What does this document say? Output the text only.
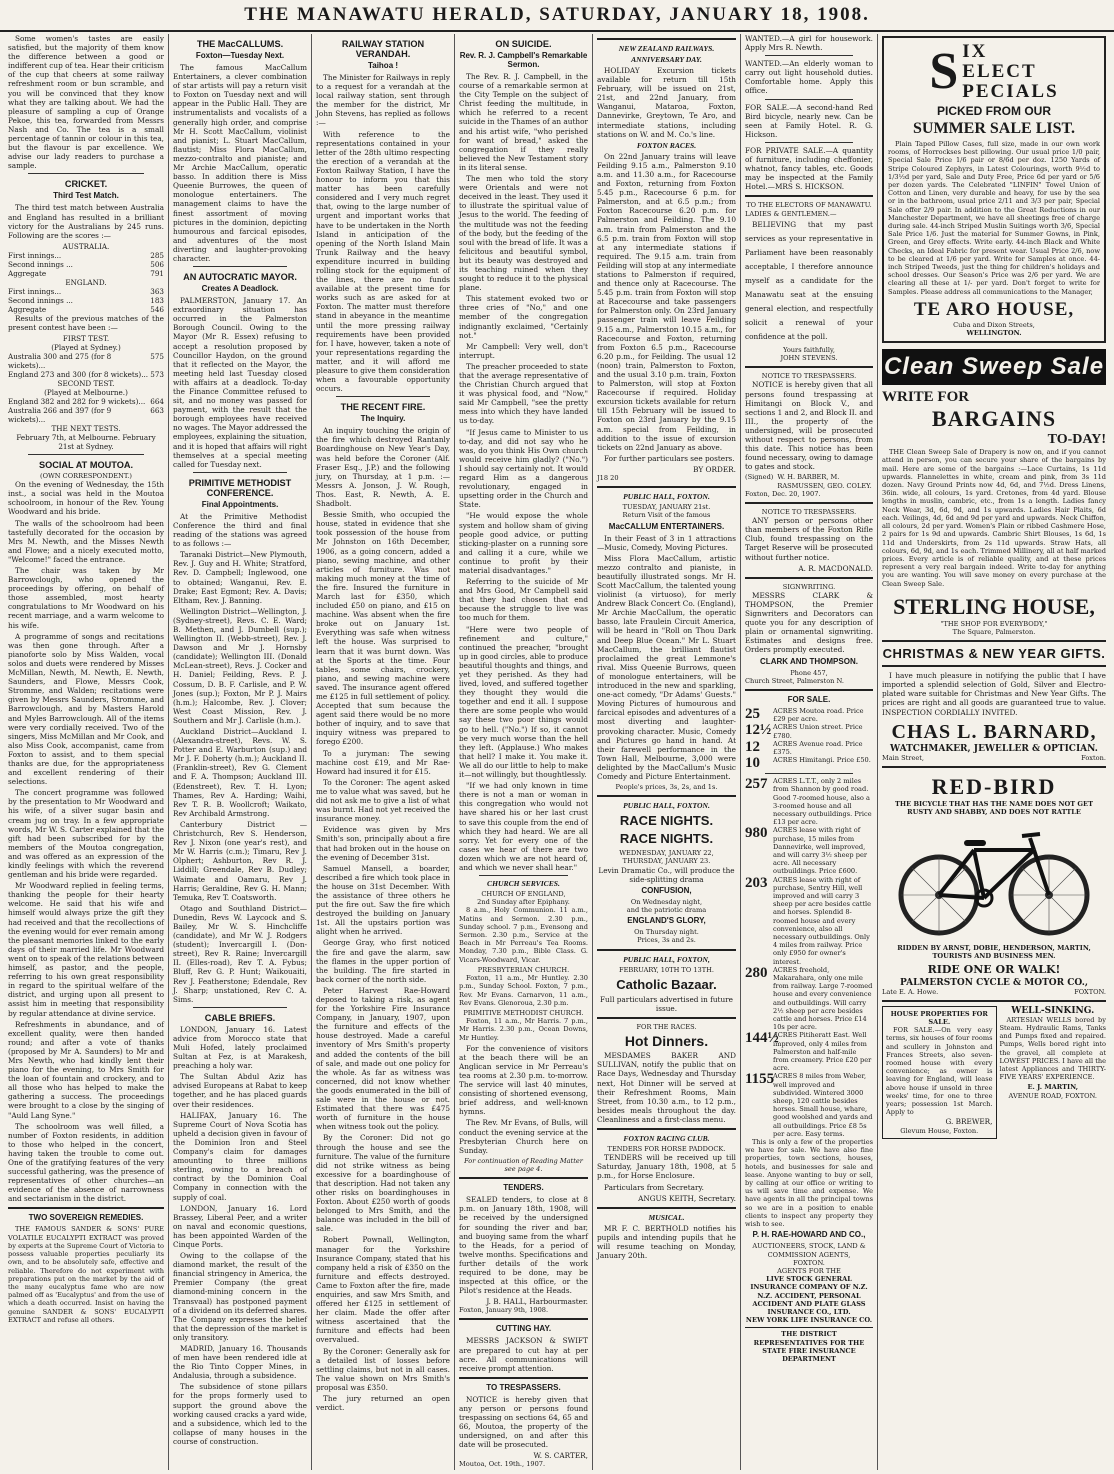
THE MANAWATU HERALD, SATURDAY, JANUARY 18, 1908.

Some women's tastes are easily satisfied, but the majority of them know the difference between a good or indifferent cup of tea. Hear their criticism of the cup that cheers at some railway refreshment room or bun scramble, and you will be convinced that they know what they are talking about. We had the pleasure of sampling a cup of Orange Pekoe, this tea, forwarded from Messrs Nash and Co. The tea is a small percentage of tannin or colour in this tea, but the flavour is par excellence. We advise our lady readers to purchase a sample.

CRICKET.
Third Test Match.

The third test match between Australia and England has resulted in a brilliant victory for the Australians by 245 runs. Following are the scores :—

AUSTRALIA.
First innings...	285
Second innings ...	506
Aggregate	791
ENGLAND.
First innings...	363
Second innings ...	183
Aggregate	546

Results of the previous matches of the present contest have been :—

FIRST TEST.
(Played at Sydney.)
Australia 300 and 275 (for 8 wickets)...
575
England 273 and 300 (for 8 wickets)... 573
SECOND TEST.
(Played at Melbourne.)
England 382 and 282 for 9 wickets)... 664
Australia 266 and 397 (for 9 wickets)...
663
THE NEXT TESTS.
February 7th, at Melbourne. February 21st at Sydney.
SOCIAL AT MOUTOA.
(OWN CORRESPONDENT.)

On the evening of Wednesday, the 15th inst., a social was held in the Moutoa schoolroom, in honour of the Rev. Young Woodward and his bride.

The walls of the schoolroom had been tastefully decorated for the occasion by Mrs M. Newth, and the Misses Newth and Flowe; and a nicely executed motto, "Welcome!" faced the entrance.

The chair was taken by Mr Barrowclough, who opened the proceedings by offering, on behalf of those assembled, most hearty congratulations to Mr Woodward on his recent marriage, and a warm welcome to his wife.

A programme of songs and recitations was then gone through. After a pianoforte solo by Miss Walden, vocal solos and duets were rendered by Misses McMillan, Newth, M. Newth, E. Newth, Saunders, and Flowe, Messrs Cook, Stromme, and Walden; recitations were given by Messrs Saunders, Stromme, and Barrowclough, and by Masters Harold and Myles Barrowclough. All of the items were very cordially received. Two of the singers, Miss McMillan and Mr Cook, and also Miss Cook, accompanist, came from Foxton to assist, and to them special thanks are due, for the appropriateness and excellent rendering of their selections.

The concert programme was followed by the presentation to Mr Woodward and his wife, of a silver sugar basin and cream jug on tray. In a few appropriate words, Mr W. S. Carter explained that the gift had been subscribed for by the members of the Moutoa congregation, and was offered as an expression of the kindly feelings with which the reverend gentleman and his bride were regarded.

Mr Woodward replied in feeling terms, thanking the people for their hearty welcome. He said that his wife and himself would always prize the gift they had received and that the recollections of the evening would for ever remain among the pleasant memories linked to the early days of their married life. Mr Woodward went on to speak of the relations between himself, as pastor, and the people, referring to his own great responsibility in regard to the spiritual welfare of the district, and urging upon all present to assist him in meeting that responsibility by regular attendance at divine service.

Refreshments in abundance, and of excellent quality, were then handed round; and after a vote of thanks (proposed by Mr A. Saunders) to Mr and Mrs Newth, who had kindly lent their piano for the evening, to Mrs Smith for the loan of fountain and crockery, and to all those who has helped to make the gathering a success. The proceedings were brought to a close by the singing of "Auld Lang Syne."

The schoolroom was well filled, a number of Foxton residents, in addition to those who helped in the concert, having taken the trouble to come out. One of the gratifying features of the very successful gathering, was the presence of representatives of other churches—an evidence of the absence of narrowness and sectarianism in the district.

TWO SOVEREIGN REMEDIES.

THE FAMOUS SANDER & SONS' PURE VOLATILE EUCALYPTI EXTRACT was proved by experts at the Supreme Court of Victoria to possess valuable properties peculiarly its own, and to be absolutely safe, effective and reliable. Therefore do not experiment with preparations put on the market by the aid of the many eucalyptus fame who are now palmed off as 'Eucalyptus' and from the use of which a death occurred. Insist on having the genuine SANDER & SONS' EUCALYPTI EXTRACT and refuse all others.

THE MacCALLUMS.
Foxton—Tuesday Next.

The famous MacCallum Entertainers, a clever combination of star artists will pay a return visit to Foxton on Tuesday next and will appear in the Public Hall. They are instrumentalists and vocalists of a generally high order, and comprise Mr H. Scott MacCallum, violinist and pianist; L. Stuart MacCallum, flautist; Miss Flora MacCallum, mezzo-contralto and pianiste; and Mr Archie MacCallum, operatic basso. In addition there is Miss Queenie Burrowes, the queen of monologue entertainers. The management claims to have the finest assortment of moving pictures in the dominion, depicting humourous and farcical episodes, and adventures of the most diverting and laughter-provoking character.

AN AUTOCRATIC MAYOR.
Creates A Deadlock.

PALMERSTON, January 17. An extraordinary situation has occurred in the Palmerston Borough Council. Owing to the Mayor (Mr R. Essex) refusing to accept a resolution proposed by Councillor Haydon, on the ground that it reflected on the Mayor, the meeting held last Tuesday closed with affairs at a deadlock. To-day the Finance Committee refused to sit, and no money was passed for payment, with the result that the borough employees have received no wages. The Mayor addressed the employees, explaining the situation, and it is hoped that affairs will right themselves at a special meeting called for Tuesday next.

PRIMITIVE METHODIST CONFERENCE.
Final Appointments.

At the Primitive Methodist Conference the third and final reading of the stations was agreed to as follows :—

Taranaki District—New Plymouth, Rev. J. Guy and H. White; Stratford, Rev. D. Campbell; Inglewood, one to obtained; Wanganui, Rev. E. Drake; East Egmont; Rev. A. Davis; Eltham, Rev. J. Banning.

Wellington District—Wellington, J. (Sydney-street), Revs. C. E. Ward; B. Methen, and J. Dumbell (sup.); Wellington II. (Webb-street), Rev. J. Dawson and Mr J. Hornsby (candidate); Wellington III. (Donald McLean-street), Revs. J. Cocker and H. Daniel; Feilding, Revs. P. J. Cossum, D. B. F. Carlisle, and P. W. Jones (sup.); Foxton, Mr P. J. Mairs (h.m.); Halcombe, Rev. J. Clover; West Coast Mission, Rev. J. Southern and Mr J. Carlisle (h.m.).

Auckland District—Auckland I. (Alexandra-street), Revs. W. S. Potter and E. Warburton (sup.) and Mr J. F. Doherty (h.m.); Auckland II. (Franklin-street), Rev G. Clement and F. A. Thompson; Auckland III. (Edenstreet), Rev. T. H. Lyon; Thames, Rev A. Harding; Waihi, Rev T. R. B. Woollcroft; Waikato, Rev Archibald Armstrong.

Canterbury District — Christchurch, Rev S. Henderson, Rev J. Nixon (one year's rest), and Mr W. Harris (c.m.); Timaru, Rev J. Olphert; Ashburton, Rev R. J. Liddill; Greendale, Rev B. Dudley; Waimate and Oamaru, Rev J. Harris; Geraldine, Rev G. H. Mann; Temuka, Rev T. Coatsworth.

Otago and Southland District—Dunedin, Revs W. Laycock and S. Bailey, Mr W. S. Hinchcliffe (candidate), and Mr W. J. Rodgers (student); Invercargill I. (Don-street), Rev R. Raine; Invercargill II. (Elles-road), Rev T. A. Fybus; Bluff, Rev G. P. Hunt; Waikouaiti, Rev J. Featherstone; Edendale, Rev J. Sharp; unstationed, Rev C. A. Sims.

CABLE BRIEFS.

LONDON, January 16. Latest advice from Morocco state that Muli Hofed, lately proclaimed Sultan at Fez, is at Marakesh, preaching a holy war.

The Sultan Abdul Aziz has advised Europeans at Rabat to keep together, and he has placed guards over their residences.

HALIFAX, January 16. The Supreme Court of Nova Scotia has upheld a decision given in favour of the Dominion Iron and Steel Company's claim for damages amounting to three millions sterling, owing to a breach of contract by the Dominion Coal Company in connection with the supply of coal.

LONDON, January 16. Lord Brassey, Liberal Peer, and a writer on naval and economic questions, has been appointed Warden of the Cinque Ports.

Owing to the collapse of the diamond market, the result of the financial stringency in America, the Premier Company (the great diamond-mining concern in the Transvaal) has postponed payment of a dividend on its deferred shares. The Company expresses the belief that the depression of the market is only transitory.

MADRID, January 16. Thousands of men have been rendered idle at the Rio Tinto Copper Mines, in Andalusia, through a subsidence.

The subsidence of stone pillars for the props formerly used to support the ground above the working caused cracks a yard wide, and a subsidence, which led to the collapse of many houses in the course of construction.

RAILWAY STATION VERANDAH.
Taihoa !

The Minister for Railways in reply to a request for a verandah at the local railway station, sent through the member for the district, Mr John Stevens, has replied as follows :—

With reference to the representations contained in your letter of the 28th ultimo respecting the erection of a verandah at the Foxton Railway Station, I have the honour to inform you that this matter has been carefully considered and I very much regret that, owing to the large number of urgent and important works that have to be undertaken in the North Island in anticipation of the opening of the North Island Main Trunk Railway and the heavy expenditure incurred in building rolling stock for the equipment of the lines, there are no funds available at the present time for works such as are asked for at Foxton. The matter must therefore stand in abeyance in the meantime until the more pressing railway requirements have been provided for. I have, however, taken a note of your representations regarding the matter, and it will afford me pleasure to give them consideration when a favourable opportunity occurs.

THE RECENT FIRE.
The Inquiry.

An inquiry touching the origin of the fire which destroyed Rantanly Boardinghouse on New Year's Day, was held before the Coroner (Alf. Fraser Esq., J.P.) and the following jury, on Thursday, at 1 p.m. :—Messrs A. Jonson, J. W. Rough, Thos. East, R. Newth, A. E. Shadbolt.

Bessie Smith, who occupied the house, stated in evidence that she took possession of the house from Mr Johnston on 16th December, 1906, as a going concern, added a piano, sewing machine, and other articles of furniture. Was not making much money at the time of the fire. Insured the furniture in March last for £350, which included £50 on piano, and £15 on machine. Was absent when the fire broke out on January 1st. Everything was safe when witness left the house. Was surprised to learn that it was burnt down. Was at the Sports at the time. Four tables, some chairs, crockery, piano, and sewing machine were saved. The insurance agent offered me £125 in full settlement of policy. Accepted that sum because the agent said there would be no more bother of inquiry, and to save that inquiry witness was prepared to forego £200.

To a juryman: The sewing machine cost £19, and Mr Rae-Howard had insured it for £15.

To the Coroner: The agent asked me to value what was saved, but he did not ask me to give a list of what was burnt. Had not yet received the insurance money.

Evidence was given by Mrs Smith's son, principally about a fire that had broken out in the house on the evening of December 31st.

Samuel Mansell, a boarder, described a fire which took place in the house on 31st December. With the assistance of three others he put the fire out. Saw the fire which destroyed the building on January 1st. All the upstairs portion was alight when he arrived.

George Gray, who first noticed the fire and gave the alarm, saw the flames in the upper portion of the building. The fire started in back corner of the north side.

Peter Harvest Rae-Howard deposed to taking a risk, as agent for the Yorkshire Fire Insurance Company, in January, 1907, upon the furniture and effects of the house destroyed. Made a careful inventory of Mrs Smith's property and added the contents of the bill of sale, and made out one policy for the whole. As far as witness was concerned, did not know whether the goods enumerated in the bill of sale were in the house or not. Estimated that there was £475 worth of furniture in the house when witness took out the policy.

By the Coroner: Did not go through the house and see the furniture. The value of the furniture did not strike witness as being excessive for a boardinghouse of that description. Had not taken any other risks on boardinghouses in Foxton. About £250 worth of goods belonged to Mrs Smith, and the balance was included in the bill of sale.

Robert Pownall, Wellington, manager for the Yorkshire Insurance Company, stated that his company held a risk of £350 on the furniture and effects destroyed. Came to Foxton after the fire, made enquiries, and saw Mrs Smith, and offered her £125 in settlement of her claim. Made the offer after witness ascertained that the furniture and effects had been overvalued.

By the Coroner: Generally ask for a detailed list of losses before settling claims, but not in all cases. The value shown on Mrs Smith's proposal was £350.

The jury returned an open verdict.

ON SUICIDE.
Rev. R. J. Campbell's Remarkable Sermon.

The Rev. R. J. Campbell, in the course of a remarkable sermon at the City Temple on the subject of Christ feeding the multitude, in which he referred to a recent suicide in the Thames of an author and his artist wife, "who perished for want of bread," asked the congregation if they really believed the New Testament story in its literal sense.

The men who told the story were Orientals and were not deceived in the least. They used it to illustrate the spiritual value of Jesus to the world. The feeding of the multitude was not the feeding of the body, but the feeding of the soul with the bread of life. It was a felicitous and beautiful symbol, but its beauty was destroyed and its teaching ruined when they sought to reduce it to the physical plane.

This statement evoked two or three cries of "No," and one member of the congregation indignantly exclaimed, "Certainly not."

Mr Campbell: Very well, don't interrupt.

The preacher proceeded to state that the average representative of the Christian Church argued that it was physical food, and "Now," said Mr Campbell, "see the pretty mess into which they have landed us to-day.

"If Jesus came to Minister to us to-day, and did not say who he was, do you think His Own church would receive him gladly? ("No.") I should say certainly not. It would regard Him as a dangerous revolutionary, engaged in upsetting order in the Church and State.

"He would expose the whole system and hollow sham of giving people good advice, or putting sticking-plaster on a running sore and calling it a cure, while we continue to profit by their material disadvantages."

Referring to the suicide of Mr and Mrs Good, Mr Campbell said that they had chosen that end because the struggle to live was too much for them.

"Here were two people of refinement and culture," continued the preacher, "brought up in good circles, able to produce beautiful thoughts and things, and yet they perished. As they had lived, loved, and suffered together they thought they would die together and end it all. I suppose there are some people who would say these two poor things would go to hell. ("No.") If so, it cannot be very much worse than the hell they left. (Applause.) Who makes that hell? I make it. You make it. We all do our little to help to make it—not willingly, but thoughtlessly.

"If we had only known in time there is not a man or woman in this congregation who would not have shared his or her last crust to save this couple from the end of which they had heard. We are all sorry. Yet for every one of the cases we hear of there are two dozen which we are not heard of, and which we never shall hear."

CHURCH SERVICES.
CHURCH OF ENGLAND,
2nd Sunday after Epiphany.

8 a.m., Holy Communion. 11 a.m., Matins and Sermon. 2.30 p.m., Sunday school. 7 p.m., Evensong and Sermon. 2.30 p.m., Service at the Beach in Mr Perreau's Tea Rooms. Monday, 7.30 p.m., Bible Class. G. Vicars-Woodward, Vicar.

PRESBYTERIAN CHURCH.

Foxton, 11 a.m., Mr Huntley. 2.30 p.m., Sunday School. Foxton, 7 p.m., Rev. Mr Evans. Carnarvon, 11 a.m., Rev Evans. Glenoroua, 2.30 p.m.

PRIMITIVE METHODIST CHURCH.

Foxton, 11 a.m., Mr Harris. 7 p.m., Mr Harris. 2.30 p.m., Ocean Downs, Mr Huntley.

For the convenience of visitors at the beach there will be an Anglican service in Mr Perreau's tea rooms at 2.30 p.m. to-morrow. The service will last 40 minutes, consisting of shortened evensong, brief address, and well-known hymns.

The Rev. Mr Evans, of Bulls, will conduct the evening service at the Presbyterian Church here on Sunday.

For continuation of Reading Matter see page 4.
TENDERS.

SEALED tenders, to close at 8 p.m. on January 18th, 1908, will be received by the undersigned for sounding the river and bar, and buoying same from the wharf to the Heads, for a period of twelve months. Specifications and further details of the work required to be done, may be inspected at this office, or the Pilot's residence at the Heads.

J. B. HALL, Harbourmaster.
Foxton, January 9th, 1908.
CUTTING HAY.

MESSRS JACKSON & SWIFT are prepared to cut hay at per acre. All communications will receive prompt attention.

TO TRESPASSERS.

NOTICE is hereby given that any person or persons found trespassing on sections 64, 65 and 66, Moutoa, the property of the undersigned, on and after this date will be prosecuted.

W. S. CARTER,
Moutoa, Oct. 19th., 1907.
NEW ZEALAND RAILWAYS.
ANNIVERSARY DAY.

HOLIDAY Excursion tickets available for return till 15th February, will be issued on 21st, 21st, and 22nd January, from Wanganui, Mataroa, Foxton, Dannevirke, Greytown, Te Aro, and intermediate stations, including stations on W. and M. Co.'s line.

FOXTON RACES.

On 22nd January trains will leave Feilding 9.15 a.m., Palmerston 9.10 a.m. and 11.30 a.m., for Racecourse and Foxton, returning from Foxton 5.45 p.m., Racecourse 6 p.m. for Palmerston, and at 6.5 p.m.; from Foxton Racecourse 6.20 p.m. for Palmerston and Feilding. The 9.10 a.m. train from Palmerston and the 6.5 p.m. train from Foxton will stop at any intermediate stations if required. The 9.15 a.m. train from Feilding will stop at any intermediate stations to Palmerston if required, and thence only at Racecourse. The 5.45 p.m. train from Foxton will stop at Racecourse and take passengers for Palmerston only. On 23rd January passenger train will leave Feilding 9.15 a.m., Palmerston 10.15 a.m., for Racecourse and Foxton, returning from Foxton 6.5 p.m., Racecourse 6.20 p.m., for Feilding. The usual 12 (noon) train, Palmerston to Foxton, and the usual 3.10 p.m. train, Foxton to Palmerston, will stop at Foxton Racecourse if required. Holiday excursion tickets available for return till 15th February will be issued to Foxton on 23rd January by the 9.15 a.m. special from Feilding, in addition to the issue of excursion tickets on 22nd January as above.

For further particulars see posters.

BY ORDER.
J18 20
PUBLIC HALL, FOXTON.
TUESDAY, JANUARY 21st.
Return Visit of the famous
MacCALLUM ENTERTAINERS.

In their Feast of 3 in 1 attractions—Music, Comedy, Moving Pictures.

Miss Flora MacCallum, artistic mezzo contralto and pianiste, in beautifully illustrated songs. Mr H. Scott MacCallum, the talented young violinist (a virtuoso), for merly Andrew Black Concert Co. (England), Mr Archie MacCallum, the operatic basso, late Fraulein Circuit America, will be heard in "Roll on Thou Dark and Deep Blue Ocean." Mr L. Stuart MacCallum, the brilliant flautist proclaimed the great Lemmone's rival. Miss Queenie Burrows, queen of monologue entertainers, will be introduced in the new and sparkling, one-act comedy, "Dr Adams' Guests." Moving Pictures of humourous and farcical episodes and adventures of a most diverting and laughter-provoking character. Music, Comedy and Pictures go hand in hand. At their farewell performance in the Town Hall, Melbourne, 3,000 were delighted by the MacCallum's Music Comedy and Picture Entertainment.

People's prices, 3s, 2s, and 1s.
PUBLIC HALL, FOXTON.
RACE NIGHTS.
RACE NIGHTS.
WEDNESDAY, JANUARY 22,
THURSDAY, JANUARY 23.

Levin Dramatic Co., will produce the side-splitting drama

CONFUSION,
On Wednesday night,
and the patriotic drama
ENGLAND'S GLORY,
On Thursday night.
Prices, 3s and 2s.
PUBLIC HALL, FOXTON,
FEBRUARY, 10TH TO 13TH.
Catholic Bazaar.

Full particulars advertised in future issue.

FOR THE RACES.
Hot Dinners.

MESDAMES BAKER AND SULLIVAN, notify the public that on Race Days, Wednesday and Thursday next, Hot Dinner will be served at their Refreshment Rooms, Main Street, from 10.30 a.m., to 12 p.m., besides meals throughout the day. Cleanliness and a first-class menu.

FOXTON RACING CLUB.
TENDERS FOR HORSE PADDOCK.

TENDERS will be received up till Saturday, January 18th, 1908, at 5 p.m., for Horse Enclosure.

Particulars from Secretary.

ANGUS KEITH, Secretary.
MUSICAL.

MR F. C. BERTHOLD notifies his pupils and intending pupils that he will resume teaching on Monday, January 20th.

WANTED.—A girl for housework. Apply Mrs R. Newth.

WANTED.—An elderly woman to carry out light household duties. Comfortable home. Apply this office.

FOR SALE.—A second-hand Red Bird bicycle, nearly new. Can be seen at Family Hotel. R. G. Hickson.

FOR PRIVATE SALE.—A quantity of furniture, including cheffonier, whatnot, fancy tables, etc. Goods may be inspected at the Family Hotel.—MRS S. HICKSON.

TO THE ELECTORS OF MANAWATU.
LADIES & GENTLEMEN.—

BELIEVING that my past services as your representative in Parliament have been reasonably acceptable, I therefore announce myself as a candidate for the Manawatu seat at the ensuing general election, and respectfully solicit a renewal of your confidence at the poll.

Yours faithfully,
JOHN STEVENS.
NOTICE TO TRESPASSERS.

NOTICE is hereby given that all persons found trespassing at Himitangi on Block V., and sections 1 and 2, and Block II. and III., the property of the undersigned, will be prosecuted without respect to persons, from this date. This notice has been found necessary, owing to damage to gates and stock.

(Signed) W. H. BARBER, M. RASMUSSEN, GEO. COLEY.
Foxton, Dec. 20, 1907.
NOTICE TO TRESPASSERS.

ANY person or persons other than members of the Foxton Rifle Club, found trespassing on the Target Reserve will be prosecuted without further notice.

A. R. MACDONALD.
SIGNWRITING.

MESSRS CLARK & THOMPSON, the Premier Signwriters and Decorators can quote you for any description of plain or ornamental signwriting. Estimates and designs free. Orders promptly executed.

CLARK AND THOMPSON.
Phone 457,
Church Street, Palmerston N.
FOR SALE.
25	ACRES Moutoa road. Price £29 per acre.
12½ ACRES Union street. Price £780.
12	ACRES Avenue road. Price £375.
10	ACRES Himitangi. Price £50.
257 ACRES L.T.T., only 2 miles from Shannon by good road. Good 7-roomed house, also a 3-roomed house and all necessary outbuildings. Price £13 per acre.
980 ACRES lease with right of purchase, 15 miles from Dannevirke, well improved, and will carry 3½ sheep per acre. All necessary outbuildings. Price £600.
203 ACRES lease with right of purchase, Sentry Hill, well improved and will carry 3 sheep per acre besides cattle and horses. Splendid 8-roomed house and every convenience, also all necessary outbuildings. Only 4 miles from railway. Price only £950 for owner's interest.
280 ACRES freehold, Makarahara, only one mile from railway. Large 7-roomed house and every convenience and outbuildings. Will carry 2½ sheep per acre besides cattle and horses. Price £14 10s per acre.
144½
ACRES Pitiheratt East. Well improved, only 4 miles from Palmerston and half-mile from creamery. Price £20 per acre.
1155
ACRES 8 miles from Weber, well improved and subdivided. Wintered 3000 sheep, 120 cattle besides horses. Small house, whare, good woolshed and yards and all outbuildings. Price £8 5s per acre. Easy terms.

This is only a few of the properties we have for sale. We have also fine properties, town sections, houses, hotels, and businesses for sale and lease. Anyone wanting to buy or sell, by calling at our office or writing to us will save time and expense. We have agents in all the principal towns so we are in a position to enable clients to inspect any property they wish to see.

P. H. RAE-HOWARD AND CO.,
AUCTIONEERS, STOCK, LAND & COMMISSION AGENTS,
FOXTON.
AGENTS FOR THE
LIVE STOCK GENERAL INSURANCE COMPANY OF N.Z.
N.Z. ACCIDENT, PERSONAL ACCIDENT AND PLATE GLASS INSURANCE CO., LTD.
NEW YORK LIFE INSURANCE CO.
THE DISTRICT REPRESENTATIVES FOR THE STATE FIRE INSURANCE DEPARTMENT
S IX
ELECT
PECIALS
PICKED FROM OUR
SUMMER SALE LIST.

Plain Taped Pillow Cases, full size, made in our own work rooms, of Horrockses best pillowing. Our usual price 1/0 pair, Special Sale Price 1/6 pair or 8/6d per doz. 1250 Yards of Stripe Coloured Zephyrs, in Latest Colourings, worth 9½d to 1/3½d per yard, Sale and Duty Free, Price 6d per yard or 5/6 per dozen yards. The Celebrated "LINFIN" Towel Union of Cotton and Linen, very durable and heavy, for use by the sea or in the bathroom, usual price 2/11 and 3/3 per pair, Special Sale offer 2/9 pair. In addition to the Great Reductions in our Manchester Department, we have all sheetings free of charge during sale. 44-inch Striped Muslin Suitings worth 3/6, Special Sale Price 1/6. Just the material for Summer Gowns, in Pink, Green, and Grey effects. Write early. 44-inch Black and White Checks, an Ideal Fabric for present wear. Usual Price 2/6, now to be cleared at 1/6 per yard. Write for Samples at once. 44-inch Striped Tweeds, just the thing for children's holidays and school dresses. Our Season's Price was 2/6 per yard. We are clearing all these at 1/- per yard. Don't forget to write for Samples. Please address all communications to the Manager,

TE ARO HOUSE,
Cuba and Dixon Streets,
WELLINGTON.
Clean Sweep Sale
WRITE FOR
BARGAINS
TO-DAY!

THE Clean Sweep Sale of Drapery is now on, and if you cannot attend in person, you can secure your share of the bargains by mail. Here are some of the bargains :—Lace Curtains, 1s 11d upwards. Flannelettes in white, cream and pink, from 3s 11d dozen. Navy Ground Prints now 4d, 6d, and 7½d. Dress Linens, 36in. wide, all colours, 1s yard. Cretones, from 4d yard. Blouse lengths in muslin, cambric, etc., from 1s a length. Ladies fancy Neck Wear, 3d, 6d, 9d, and 1s upwards. Ladies Hair Plaits, 6d each. Veilings, 4d, 6d and 9d per yard and upwards. Neck Chiffon, all colours, 2d per yard. Women's Plain or ribbed Cashmere Hose, 2 pairs for 1s 9d and upwards. Cambric Shirt Blouses, 1s 6d, 1s 11d and Underskirts, from 2s 11d upwards. Straw Hats, all colours, 6d, 9d, and 1s each. Trimmed Millinery, all at half marked prices. Every article is of reliable quality, and at these prices represent a very real bargain indeed. Write to-day for anything you are wanting. You will save money on every purchase at the Clean Sweep Sale.

STERLING HOUSE,
"THE SHOP FOR EVERYBODY,"
The Square, Palmerston.
CHRISTMAS & NEW YEAR GIFTS.

I have much pleasure in notifying the public that I have imported a splendid selection of Gold, Silver and Electro-plated ware suitable for Christmas and New Year Gifts. The prices are right and all goods are guaranteed true to value. INSPECTION CORDIALLY INVITED.

CHAS L. BARNARD,
WATCHMAKER, JEWELLER & OPTICIAN.
Main Street,	Foxton.
RED-BIRD
THE BICYCLE THAT HAS THE NAME DOES NOT GET RUSTY AND SHABBY, AND DOES NOT RATTLE
RIDDEN BY ARNST, DOBIE, HENDERSON, MARTIN, TOURISTS AND BUSINESS MEN.
RIDE ONE OR WALK!
PALMERSTON CYCLE & MOTOR CO.,
Late E. A. Howe.	FOXTON.
HOUSE PROPERTIES FOR SALE.

FOR SALE.—On very easy terms, six houses of four rooms and scullery in Johnston and Frances Streets, also seven-roomed house with every convenience; as owner is leaving for England, will lease above house if unsold in three weeks' time, for one to three years; possession 1st March. Apply to

G. BREWER,
Glevum House, Foxton.
WELL-SINKING.

ARTESIAN WELLS bored by Steam. Hydraulic Rams, Tanks and Pumps fixed and repaired. Pumps, Wells bored right into the gravel, all complete at LOWEST PRICES. I have all the latest Appliances and THIRTY-FIVE YEARS' EXPERIENCE.

E. J. MARTIN,
AVENUE ROAD, FOXTON.
